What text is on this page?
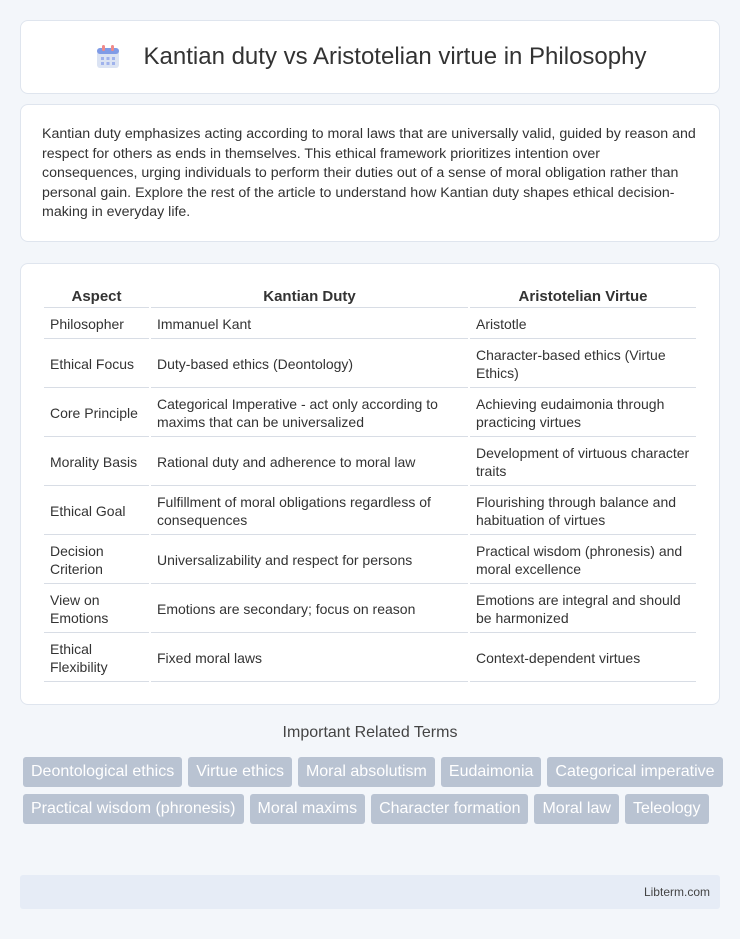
Kantian duty vs Aristotelian virtue in Philosophy

Kantian duty emphasizes acting according to moral laws that are universally valid, guided by reason and respect for others as ends in themselves. This ethical framework prioritizes intention over consequences, urging individuals to perform their duties out of a sense of moral obligation rather than personal gain. Explore the rest of the article to understand how Kantian duty shapes ethical decision-making in everyday life.

Aspect	Kantian Duty	Aristotelian Virtue
Philosopher	Immanuel Kant	Aristotle
Ethical Focus	Duty-based ethics (Deontology)	Character-based ethics (Virtue Ethics)
Core Principle	Categorical Imperative - act only according to maxims that can be universalized	Achieving eudaimonia through practicing virtues
Morality Basis	Rational duty and adherence to moral law	Development of virtuous character traits
Ethical Goal	Fulfillment of moral obligations regardless of consequences	Flourishing through balance and habituation of virtues
Decision Criterion	Universalizability and respect for persons	Practical wisdom (phronesis) and moral excellence
View on Emotions	Emotions are secondary; focus on reason	Emotions are integral and should be harmonized
Ethical Flexibility	Fixed moral laws	Context-dependent virtues
Important Related Terms
Deontological ethics	Virtue ethics	Moral absolutism	Eudaimonia	Categorical imperative
Practical wisdom (phronesis)	Moral maxims	Character formation	Moral law	Teleology
Libterm.com
